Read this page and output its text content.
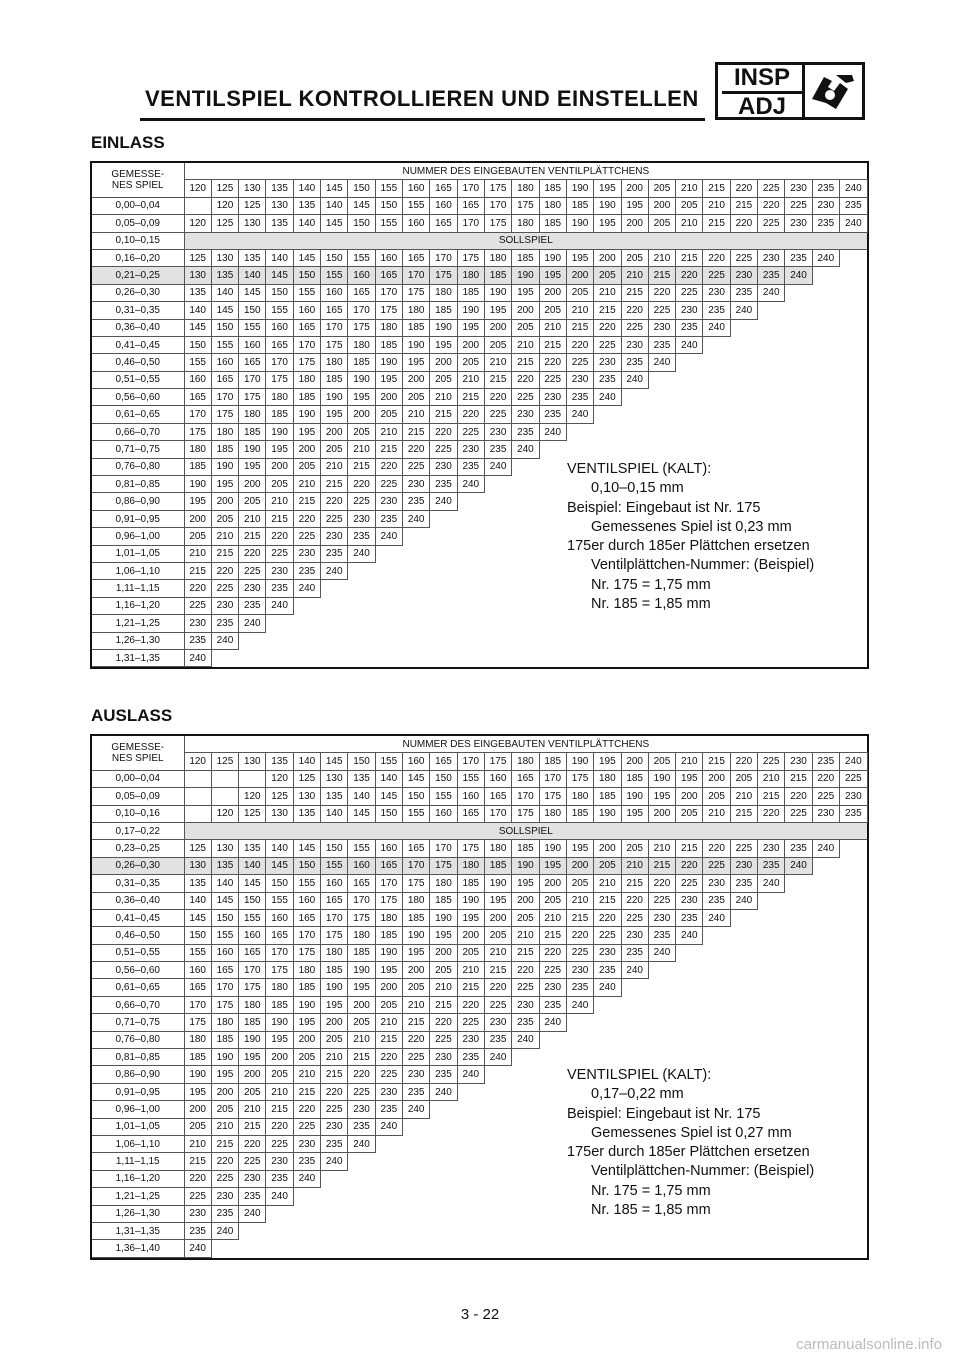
VENTILSPIEL KONTROLLIEREN UND EINSTELLEN
INSP
ADJ
EINLASS
GEMESSE-
NES SPIEL	NUMMER DES EINGEBAUTEN VENTILPLÄTTCHENS																								
	120	125	130	135	140	145	150	155	160	165	170	175	180	185	190	195	200	205	210	215	220	225	230	235	240
0,00–0,04		120	125	130	135	140	145	150	155	160	165	170	175	180	185	190	195	200	205	210	215	220	225	230	235
0,05–0,09	120	125	130	135	140	145	150	155	160	165	170	175	180	185	190	195	200	205	210	215	220	225	230	235	240
0,10–0,15	SOLLSPIEL																								
0,16–0,20	125	130	135	140	145	150	155	160	165	170	175	180	185	190	195	200	205	210	215	220	225	230	235	240	
0,21–0,25	130	135	140	145	150	155	160	165	170	175	180	185	190	195	200	205	210	215	220	225	230	235	240		
0,26–0,30	135	140	145	150	155	160	165	170	175	180	185	190	195	200	205	210	215	220	225	230	235	240			
0,31–0,35	140	145	150	155	160	165	170	175	180	185	190	195	200	205	210	215	220	225	230	235	240				
0,36–0,40	145	150	155	160	165	170	175	180	185	190	195	200	205	210	215	220	225	230	235	240					
0,41–0,45	150	155	160	165	170	175	180	185	190	195	200	205	210	215	220	225	230	235	240						
0,46–0,50	155	160	165	170	175	180	185	190	195	200	205	210	215	220	225	230	235	240							
0,51–0,55	160	165	170	175	180	185	190	195	200	205	210	215	220	225	230	235	240								
0,56–0,60	165	170	175	180	185	190	195	200	205	210	215	220	225	230	235	240									
0,61–0,65	170	175	180	185	190	195	200	205	210	215	220	225	230	235	240										
0,66–0,70	175	180	185	190	195	200	205	210	215	220	225	230	235	240											
0,71–0,75	180	185	190	195	200	205	210	215	220	225	230	235	240												
0,76–0,80	185	190	195	200	205	210	215	220	225	230	235	240													
0,81–0,85	190	195	200	205	210	215	220	225	230	235	240														
0,86–0,90	195	200	205	210	215	220	225	230	235	240															
0,91–0,95	200	205	210	215	220	225	230	235	240																
0,96–1,00	205	210	215	220	225	230	235	240																	
1,01–1,05	210	215	220	225	230	235	240																		
1,06–1,10	215	220	225	230	235	240																			
1,11–1,15	220	225	230	235	240																				
1,16–1,20	225	230	235	240																					
1,21–1,25	230	235	240																						
1,26–1,30	235	240																							
1,31–1,35	240																								
VENTILSPIEL (KALT):
0,10–0,15 mm
Beispiel: Eingebaut ist Nr. 175
Gemessenes Spiel ist 0,23 mm
175er durch 185er Plättchen ersetzen
Ventilplättchen-Nummer: (Beispiel)
Nr. 175 = 1,75 mm
Nr. 185 = 1,85 mm
AUSLASS
GEMESSE-
NES SPIEL	NUMMER DES EINGEBAUTEN VENTILPLÄTTCHENS																								
	120	125	130	135	140	145	150	155	160	165	170	175	180	185	190	195	200	205	210	215	220	225	230	235	240
0,00–0,04				120	125	130	135	140	145	150	155	160	165	170	175	180	185	190	195	200	205	210	215	220	225
0,05–0,09			120	125	130	135	140	145	150	155	160	165	170	175	180	185	190	195	200	205	210	215	220	225	230
0,10–0,16		120	125	130	135	140	145	150	155	160	165	170	175	180	185	190	195	200	205	210	215	220	225	230	235
0,17–0,22	SOLLSPIEL																								
0,23–0,25	125	130	135	140	145	150	155	160	165	170	175	180	185	190	195	200	205	210	215	220	225	230	235	240	
0,26–0,30	130	135	140	145	150	155	160	165	170	175	180	185	190	195	200	205	210	215	220	225	230	235	240		
0,31–0,35	135	140	145	150	155	160	165	170	175	180	185	190	195	200	205	210	215	220	225	230	235	240			
0,36–0,40	140	145	150	155	160	165	170	175	180	185	190	195	200	205	210	215	220	225	230	235	240				
0,41–0,45	145	150	155	160	165	170	175	180	185	190	195	200	205	210	215	220	225	230	235	240					
0,46–0,50	150	155	160	165	170	175	180	185	190	195	200	205	210	215	220	225	230	235	240						
0,51–0,55	155	160	165	170	175	180	185	190	195	200	205	210	215	220	225	230	235	240							
0,56–0,60	160	165	170	175	180	185	190	195	200	205	210	215	220	225	230	235	240								
0,61–0,65	165	170	175	180	185	190	195	200	205	210	215	220	225	230	235	240									
0,66–0,70	170	175	180	185	190	195	200	205	210	215	220	225	230	235	240										
0,71–0,75	175	180	185	190	195	200	205	210	215	220	225	230	235	240											
0,76–0,80	180	185	190	195	200	205	210	215	220	225	230	235	240												
0,81–0,85	185	190	195	200	205	210	215	220	225	230	235	240													
0,86–0,90	190	195	200	205	210	215	220	225	230	235	240														
0,91–0,95	195	200	205	210	215	220	225	230	235	240															
0,96–1,00	200	205	210	215	220	225	230	235	240																
1,01–1,05	205	210	215	220	225	230	235	240																	
1,06–1,10	210	215	220	225	230	235	240																		
1,11–1,15	215	220	225	230	235	240																			
1,16–1,20	220	225	230	235	240																				
1,21–1,25	225	230	235	240																					
1,26–1,30	230	235	240																						
1,31–1,35	235	240																							
1,36–1,40	240																								
VENTILSPIEL (KALT):
0,17–0,22 mm
Beispiel: Eingebaut ist Nr. 175
Gemessenes Spiel ist 0,27 mm
175er durch 185er Plättchen ersetzen
Ventilplättchen-Nummer: (Beispiel)
Nr. 175 = 1,75 mm
Nr. 185 = 1,85 mm
3 - 22
carmanualsonline.info
